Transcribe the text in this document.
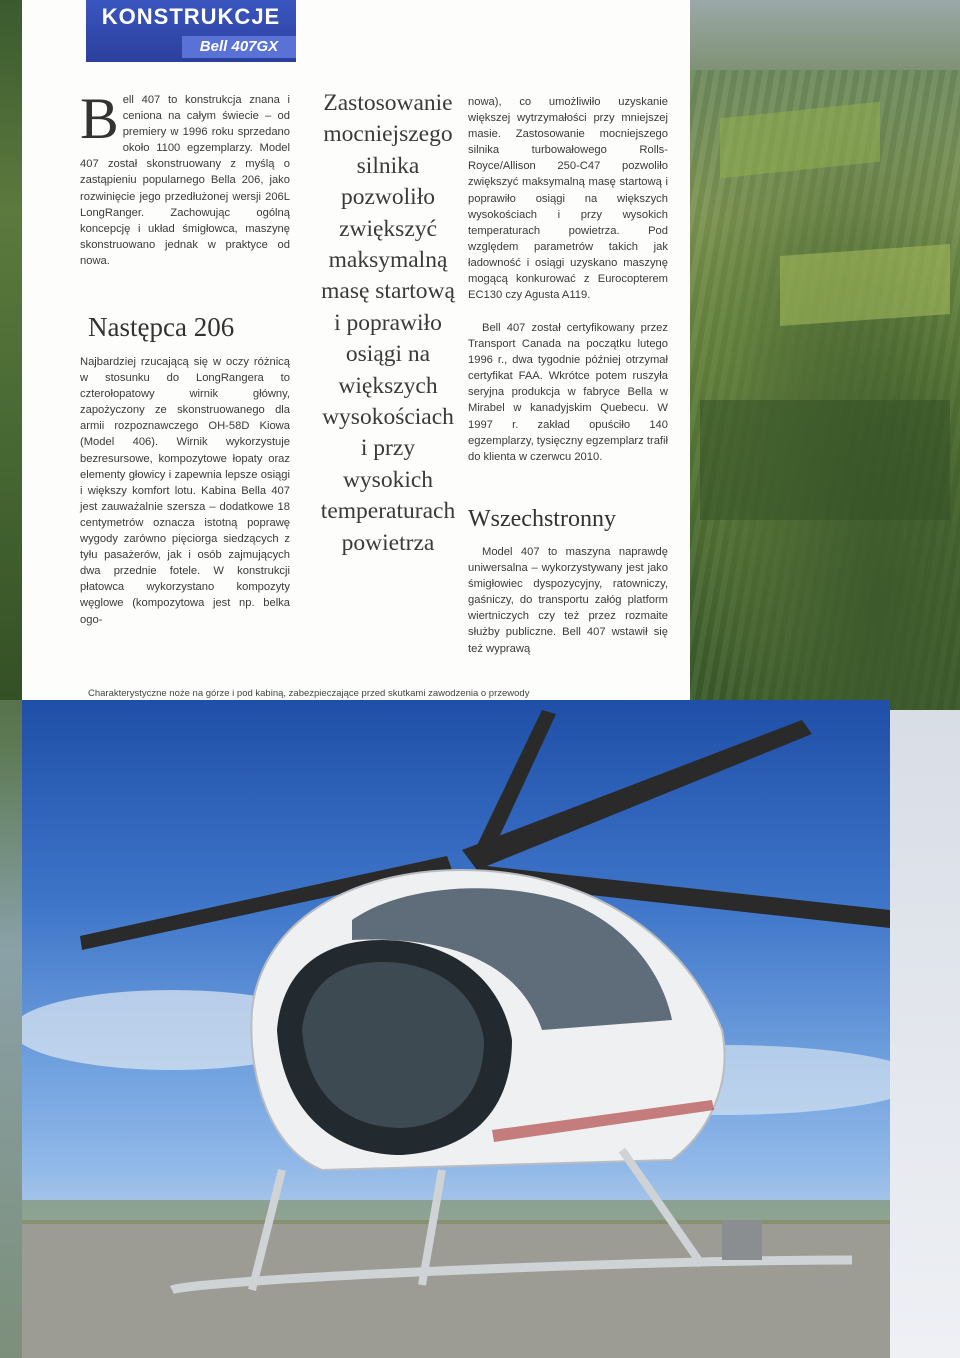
KONSTRUKCJE
Bell 407GX
Bell 407 to konstrukcja znana i ceniona na całym świecie – od premiery w 1996 roku sprzedano około 1100 egzemplarzy. Model 407 został skonstruowany z myślą o zastąpieniu popularnego Bella 206, jako rozwinięcie jego przedłużonej wersji 206L LongRanger. Zachowując ogólną koncepcję i układ śmigłowca, maszynę skonstruowano jednak w praktyce od nowa.
Następca 206
Najbardziej rzucającą się w oczy różnicą w stosunku do LongRangera to czterołopatowy wirnik główny, zapożyczony ze skonstruowanego dla armii rozpoznawczego OH-58D Kiowa (Model 406). Wirnik wykorzystuje bezresursowe, kompozytowe łopaty oraz elementy głowicy i zapewnia lepsze osiągi i większy komfort lotu. Kabina Bella 407 jest zauważalnie szersza – dodatkowe 18 centymetrów oznacza istotną poprawę wygody zarówno pięciorga siedzących z tyłu pasażerów, jak i osób zajmujących dwa przednie fotele. W konstrukcji płatowca wykorzystano kompozyty węglowe (kompozytowa jest np. belka ogo-
Zastosowanie mocniejszego silnika pozwoliło zwiększyć maksymalną masę startową i poprawiło osiągi na większych wysokościach i przy wysokich temperaturach powietrza
nowa), co umożliwiło uzyskanie większej wytrzymałości przy mniejszej masie. Zastosowanie mocniejszego silnika turbowałowego Rolls-Royce/Allison 250-C47 pozwoliło zwiększyć maksymalną masę startową i poprawiło osiągi na większych wysokościach i przy wysokich temperaturach powietrza. Pod względem parametrów takich jak ładowność i osiągi uzyskano maszynę mogącą konkurować z Eurocopterem EC130 czy Agusta A119.
Bell 407 został certyfikowany przez Transport Canada na początku lutego 1996 r., dwa tygodnie później otrzymał certyfikat FAA. Wkrótce potem ruszyła seryjna produkcja w fabryce Bella w Mirabel w kanadyjskim Quebecu. W 1997 r. zakład opuściło 140 egzemplarzy, tysięczny egzemplarz trafił do klienta w czerwcu 2010.
Wszechstronny
Model 407 to maszyna naprawdę uniwersalna – wykorzystywany jest jako śmigłowiec dyspozycyjny, ratowniczy, gaśniczy, do transportu załóg platform wiertniczych czy też przez rozmaite służby publiczne. Bell 407 wstawił się też wyprawą
Charakterystyczne noże na górze i pod kabiną, zabezpieczające przed skutkami zawodzenia o przewody
